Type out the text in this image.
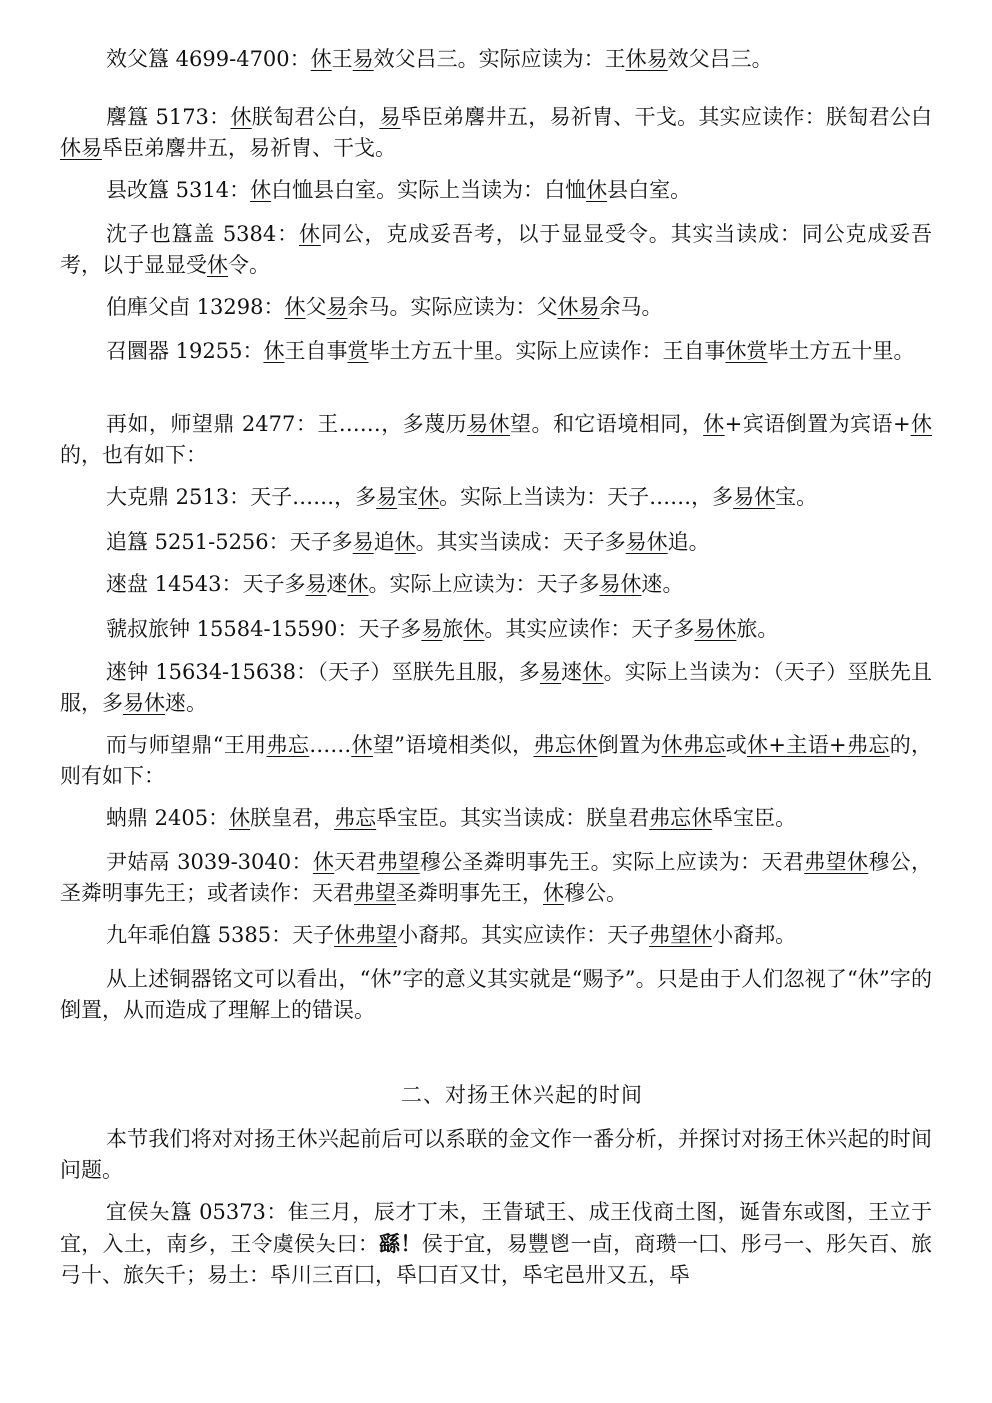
效父簋 4699-4700：休王易效父吕三。实际应读为：王休易效父吕三。

麐簋 5173：休朕匋君公白，易氒臣弟麐井五，易祈冑、干戈。其实应读作：朕匋君公白休易氒臣弟麐井五，易祈冑、干戈。

县改簋 5314：休白恤县白室。实际上当读为：白恤休县白室。

沈子也簋盖 5384：休同公，克成妥吾考，以于显显受令。其实当读成：同公克成妥吾考，以于显显受休令。

伯㢑父卣 13298：休父易余马。实际应读为：父休易余马。

召圜器 19255：休王自事赏毕土方五十里。实际上应读作：王自事休赏毕土方五十里。

再如，师望鼎 2477：王……，多蔑历易休望。和它语境相同，休+宾语倒置为宾语+休的，也有如下：

大克鼎 2513：天子……，多易宝休。实际上当读为：天子……，多易休宝。

追簋 5251-5256：天子多易追休。其实当读成：天子多易休追。

逨盘 14543：天子多易逨休。实际上应读为：天子多易休逨。

虢叔旅钟 15584-15590：天子多易旅休。其实应读作：天子多易休旅。

逨钟 15634-15638：（天子）巠朕先且服，多易逨休。实际上当读为：（天子）巠朕先且服，多易休逨。

而与师望鼎“王用弗忘……休望”语境相类似，弗忘休倒置为休弗忘或休+主语+弗忘的，则有如下：

蚋鼎 2405：休朕皇君，弗忘氒宝臣。其实当读成：朕皇君弗忘休氒宝臣。

尹姞鬲 3039-3040：休天君弗望穆公圣粦明事先王。实际上应读为：天君弗望休穆公，圣粦明事先王；或者读作：天君弗望圣粦明事先王，休穆公。

九年乖伯簋 5385：天子休弗望小裔邦。其实应读作：天子弗望休小裔邦。

从上述铜器铭文可以看出，“休”字的意义其实就是“赐予”。只是由于人们忽视了“休”字的倒置，从而造成了理解上的错误。

本节我们将对对扬王休兴起前后可以系联的金文作一番分析，并探讨对扬王休兴起的时间问题。

宜侯夨簋 05373：隹三月，辰才丁未，王眚珷王、成王伐商土图，诞眚东或图，王立于宜，入土，南乡，王令虞侯夨曰：繇！侯于宜，易豐鬯一卣，商瓒一囗、彤弓一、彤矢百、旅弓十、旅矢千；易土：氒川三百囗，氒囗百又廿，氒宅邑卅又五，氒

二、对扬王休兴起的时间
